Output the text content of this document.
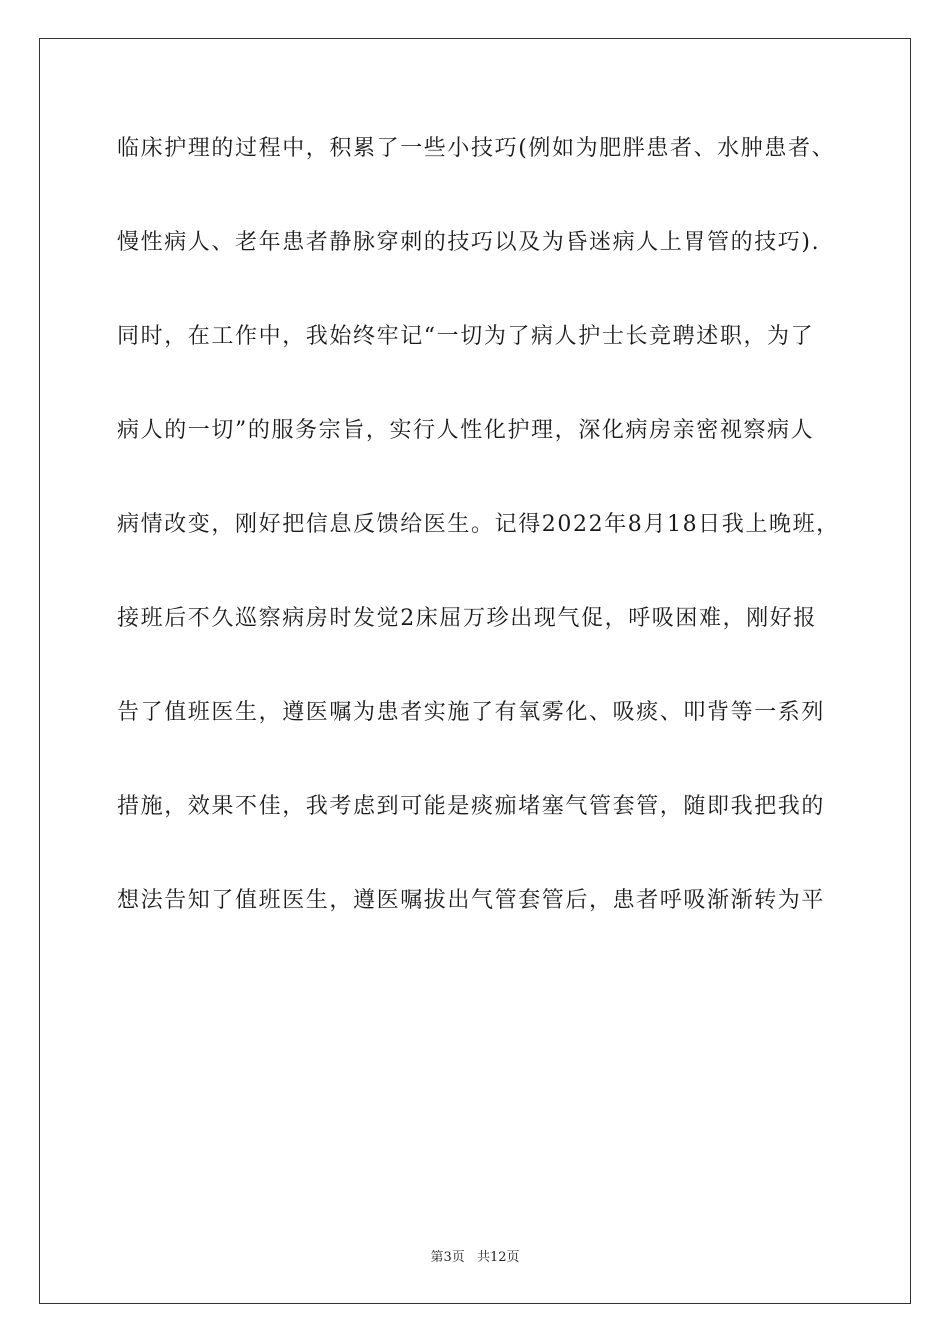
临床护理的过程中，积累了一些小技巧(例如为肥胖患者、水肿患者、
慢性病人、老年患者静脉穿刺的技巧以及为昏迷病人上胃管的技巧).
同时，在工作中，我始终牢记“一切为了病人护士长竞聘述职，为了
病人的一切”的服务宗旨，实行人性化护理，深化病房亲密视察病人
病情改变，刚好把信息反馈给医生。记得2022年8月18日我上晚班，
接班后不久巡察病房时发觉2床屈万珍出现气促，呼吸困难，刚好报
告了值班医生，遵医嘱为患者实施了有氧雾化、吸痰、叩背等一系列
措施，效果不佳，我考虑到可能是痰痂堵塞气管套管，随即我把我的
想法告知了值班医生，遵医嘱拔出气管套管后，患者呼吸渐渐转为平
第3页 共12页
